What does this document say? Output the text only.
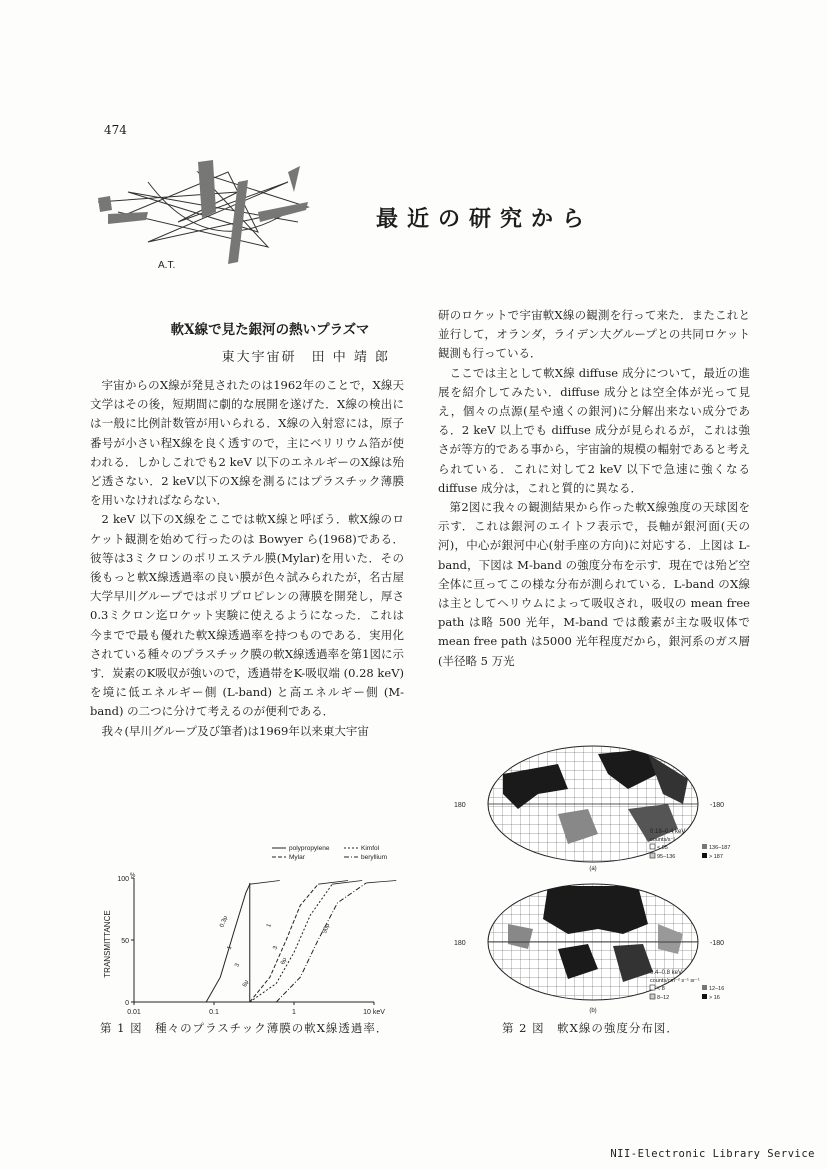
474
A.T.
最近の研究から
軟X線で見た銀河の熱いプラズマ
東大宇宙研　田 中 靖 郎

宇宙からのX線が発見されたのは1962年のことで，X線天文学はその後，短期間に劇的な展開を遂げた．X線の検出には一般に比例計数管が用いられる．X線の入射窓には，原子番号が小さい程X線を良く透すので，主にベリリウム箔が使われる．しかしこれでも2 keV 以下のエネルギーのX線は殆ど透さない．2 keV以下のX線を測るにはプラスチック薄膜を用いなければならない．

2 keV 以下のX線をここでは軟X線と呼ぼう．軟X線のロケット観測を始めて行ったのは Bowyer ら(1968)である．彼等は3ミクロンのポリエステル膜(Mylar)を用いた．その後もっと軟X線透過率の良い膜が色々試みられたが，名古屋大学早川グループではポリプロピレンの薄膜を開発し，厚さ0.3ミクロン迄ロケット実験に使えるようになった．これは今までで最も優れた軟X線透過率を持つものである．実用化されている種々のプラスチック膜の軟X線透過率を第1図に示す．炭素のK吸収が強いので，透過帯をK-吸収端 (0.28 keV) を境に低エネルギー側 (L-band) と高エネルギー側 (M-band) の二つに分けて考えるのが便利である．

我々(早川グループ及び筆者)は1969年以来東大宇宙

研のロケットで宇宙軟X線の観測を行って来た．またこれと並行して，オランダ，ライデン大グループとの共同ロケット観測も行っている．

ここでは主として軟X線 diffuse 成分について，最近の進展を紹介してみたい．diffuse 成分とは空全体が光って見え，個々の点源(星や遠くの銀河)に分解出来ない成分である．2 keV 以上でも diffuse 成分が見られるが，これは強さが等方的である事から，宇宙論的規模の輻射であると考えられている．これに対して2 keV 以下で急速に強くなる diffuse 成分は，これと質的に異なる．

第2図に我々の観測結果から作った軟X線強度の天球図を示す．これは銀河のエイトフ表示で，長軸が銀河面(天の河)，中心が銀河中心(射手座の方向)に対応する．上図は L-band，下図は M-band の強度分布を示す．現在では殆ど空全体に亘ってこの様な分布が測られている．L-band のX線は主としてヘリウムによって吸収され，吸収の mean free path は略 500 光年，M-band では酸素が主な吸収体で mean free path は5000 光年程度だから，銀河系のガス層 (半径略 5 万光

polypropylene
Mylar
Kimfol
beryllium
TRANSMITTANCE
%
100
50
0
0.01	0.1	1	10 keV
0.3μ
1
3
6μ
1
3
6μ
50μ
第 1 図　種々のプラスチック薄膜の軟X線透過率．
180	-180
0.18–0.4 keV
counts/s⁻¹
< 95	136–187
95–136	> 187
(a)
180	-180
0.4–0.8 keV
counts/cm⁻² s⁻¹ sr⁻¹
< 8	12–16
8–12	> 16
(b)
第 2 図　軟X線の強度分布図．
NII-Electronic Library Service
